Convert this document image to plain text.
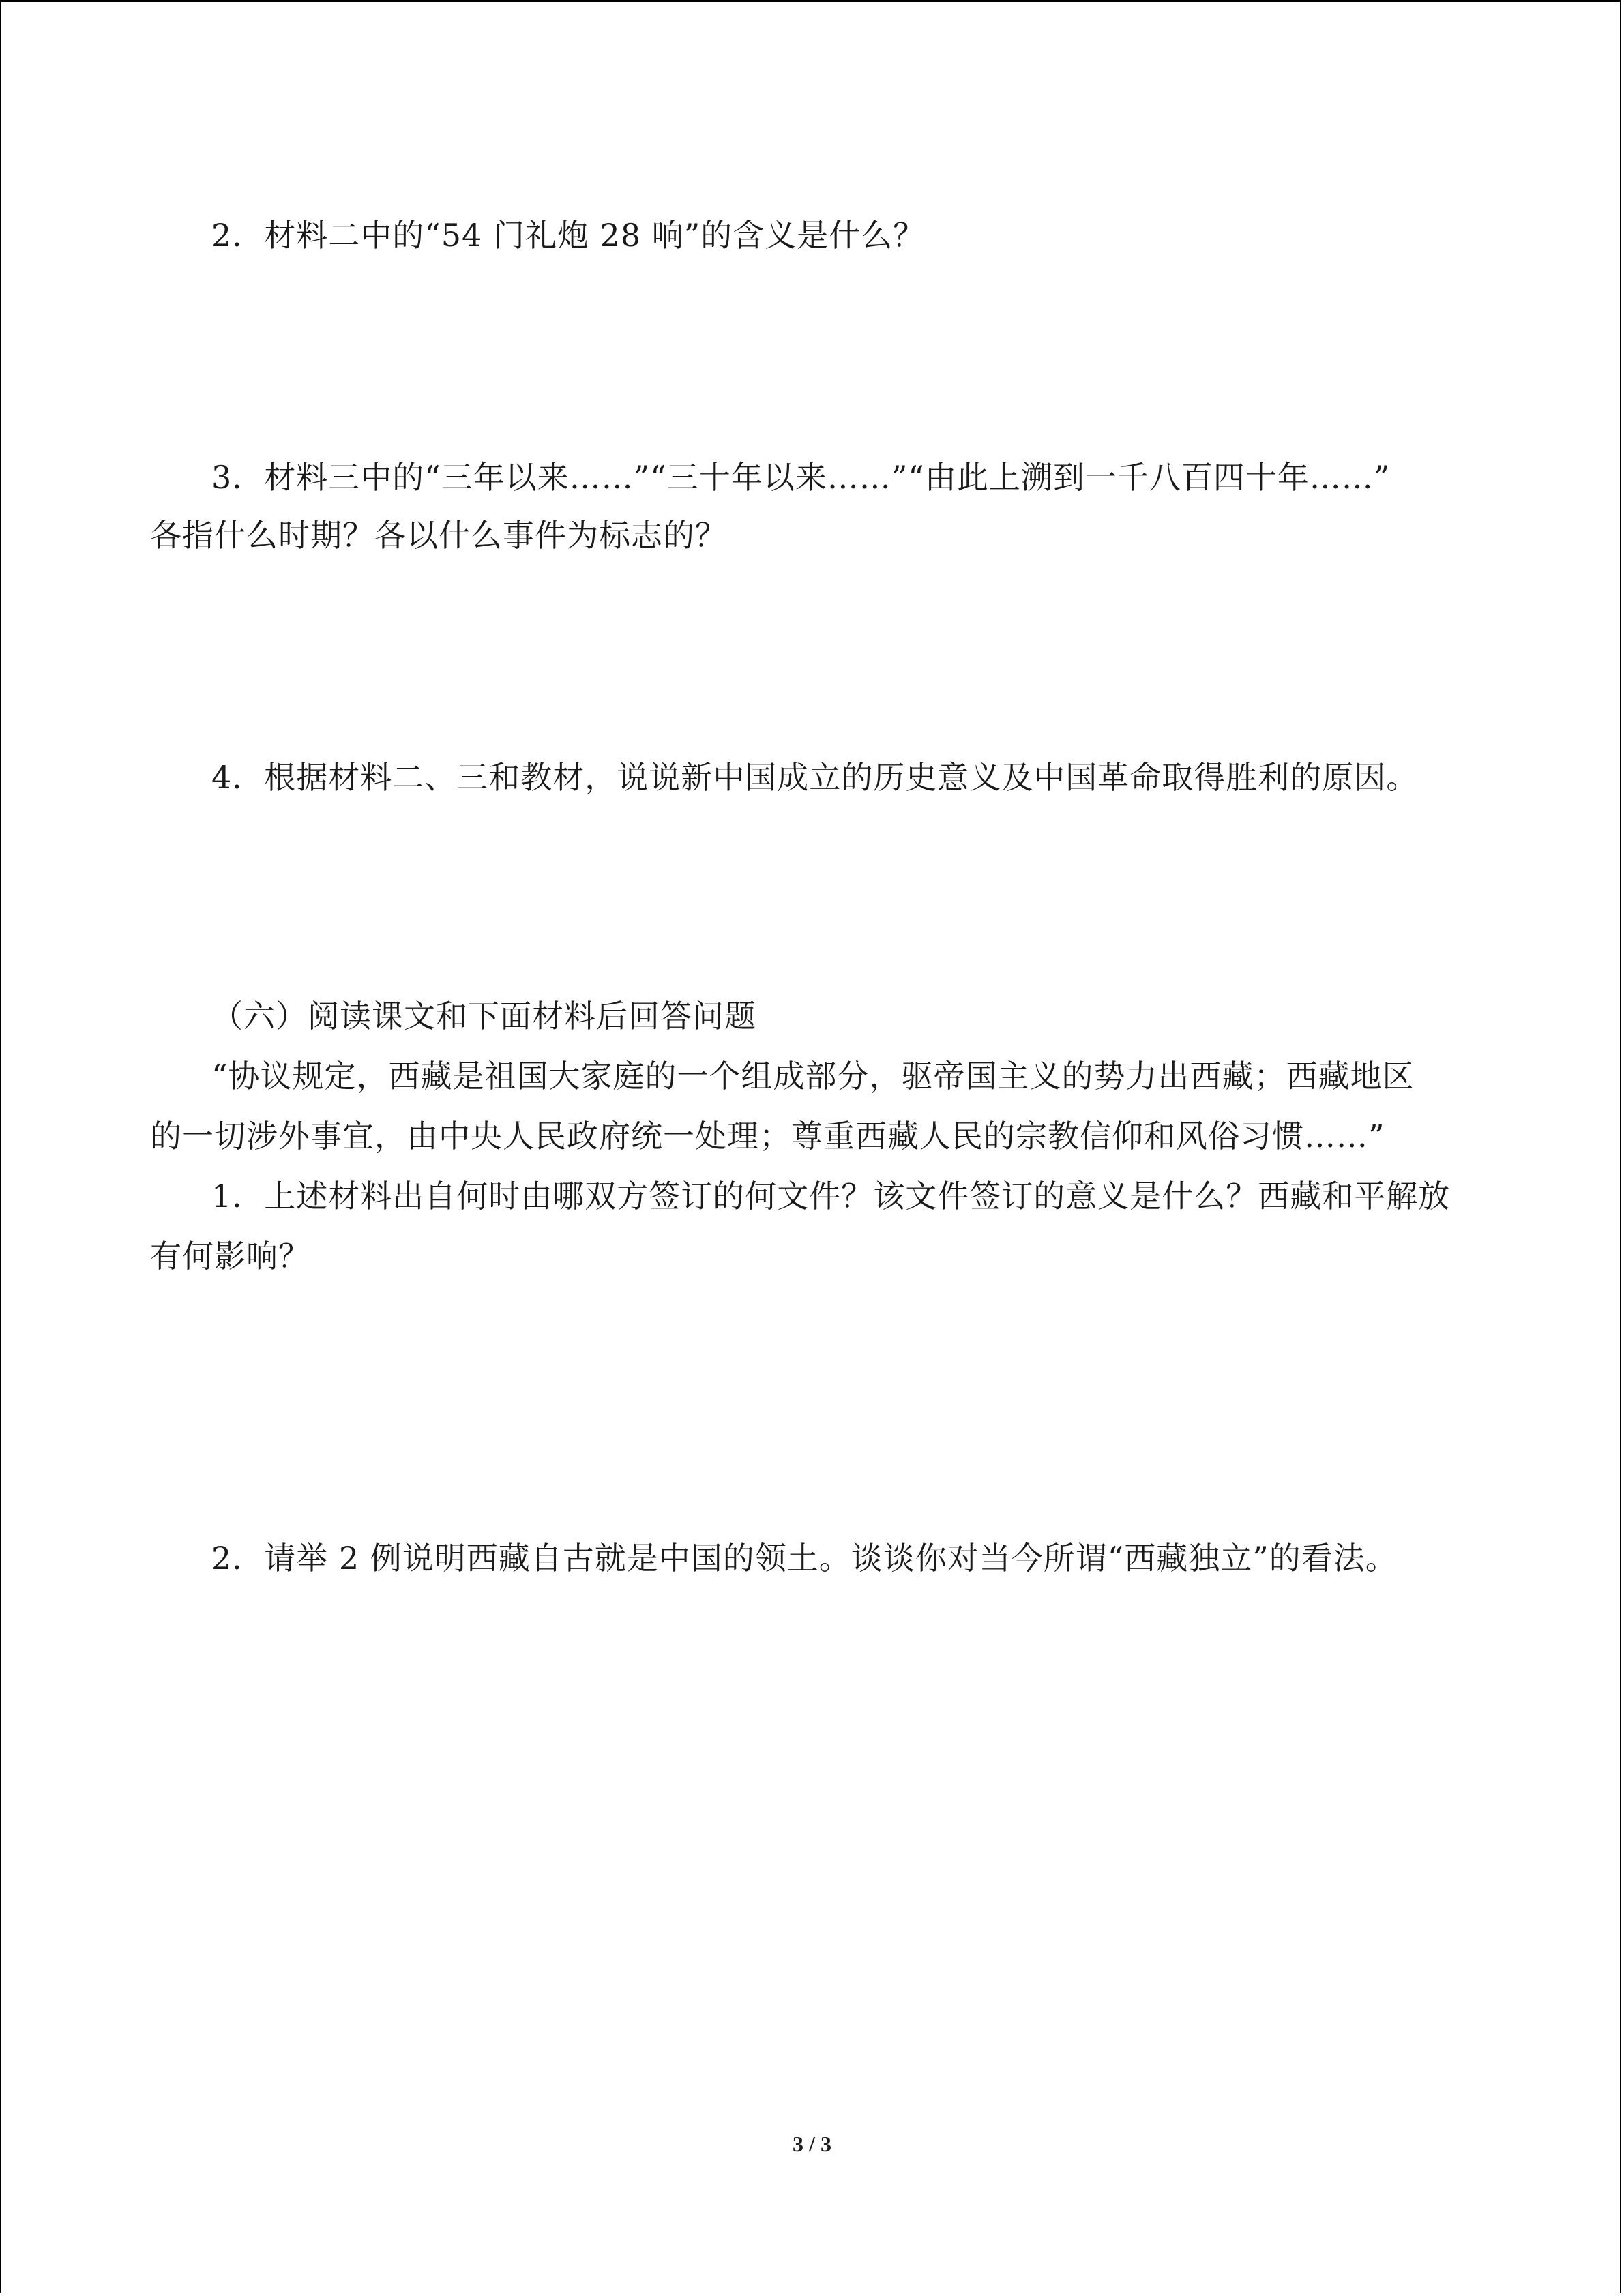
2．材料二中的“54 门礼炮 28 响”的含义是什么？
3．材料三中的“三年以来……”“三十年以来……”“由此上溯到一千八百四十年……”
各指什么时期？各以什么事件为标志的？
4．根据材料二、三和教材，说说新中国成立的历史意义及中国革命取得胜利的原因。
（六）阅读课文和下面材料后回答问题
“协议规定，西藏是祖国大家庭的一个组成部分，驱帝国主义的势力出西藏；西藏地区
的一切涉外事宜，由中央人民政府统一处理；尊重西藏人民的宗教信仰和风俗习惯……”
1．上述材料出自何时由哪双方签订的何文件？该文件签订的意义是什么？西藏和平解放
有何影响？
2．请举 2 例说明西藏自古就是中国的领土。谈谈你对当今所谓“西藏独立”的看法。
3 / 3
